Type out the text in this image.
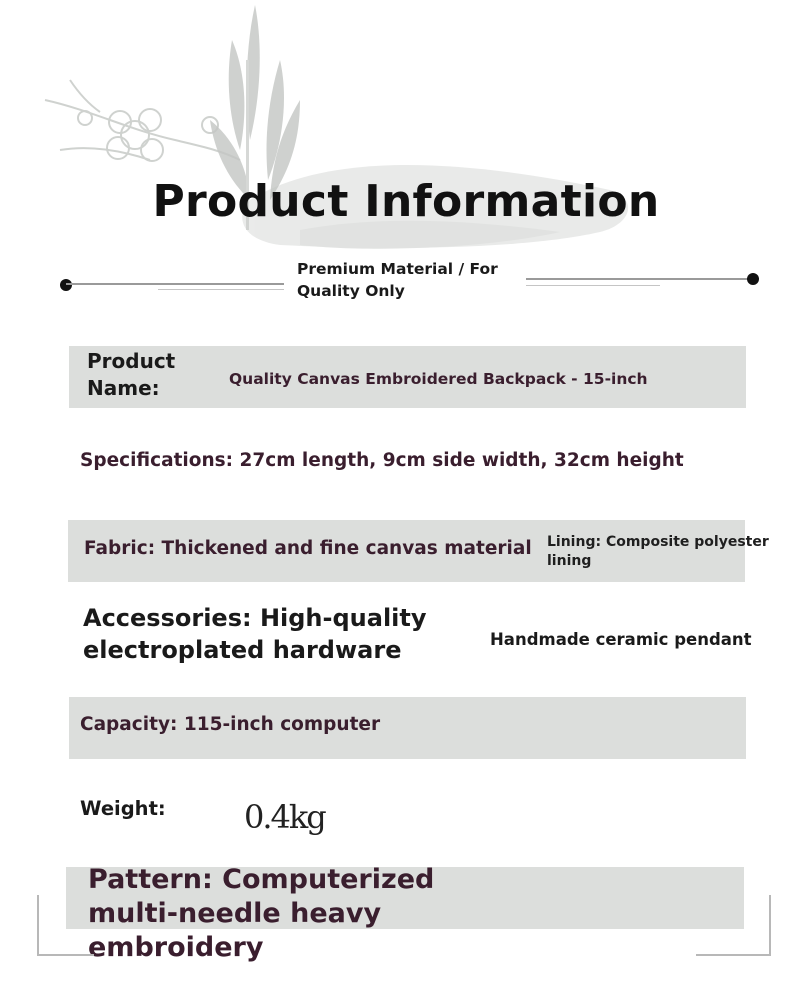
Product Information
Premium Material / For Quality Only
Product Name:	Quality Canvas Embroidered Backpack - 15-inch
Specifications: 27cm length, 9cm side width, 32cm height
Fabric: Thickened and fine canvas material Lining: Composite polyester lining
Accessories: High-quality electroplated hardware	Handmade ceramic pendant
Capacity: 115-inch computer
Weight: 0.4kg
Pattern: Computerized multi-needle heavy embroidery
